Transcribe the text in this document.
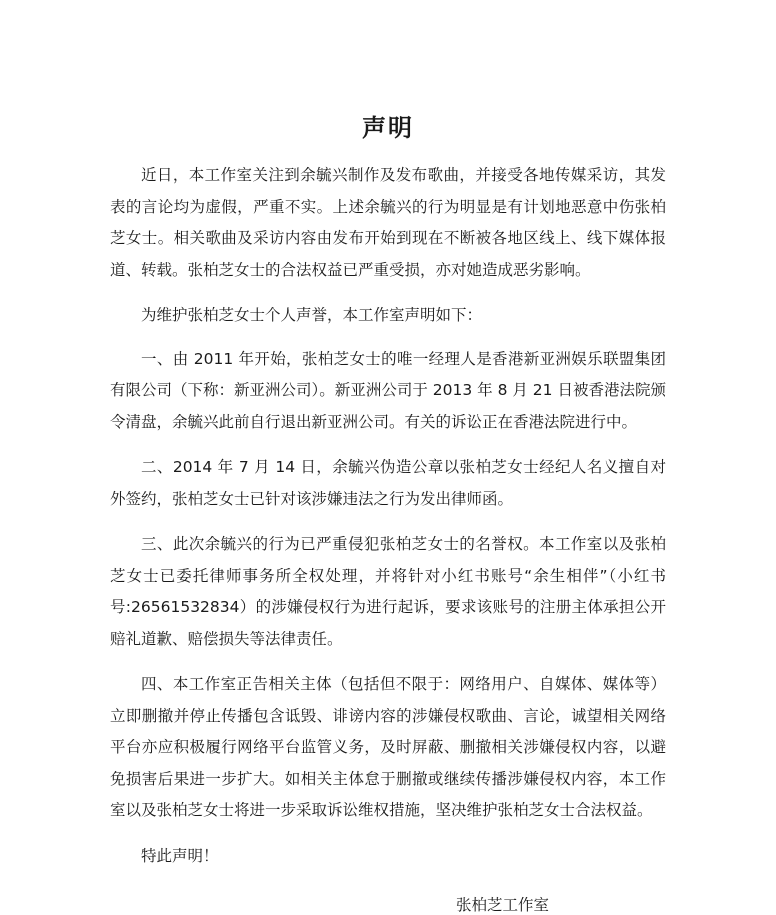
声明

近日，本工作室关注到余毓兴制作及发布歌曲，并接受各地传媒采访，其发表的言论均为虚假，严重不实。上述余毓兴的行为明显是有计划地恶意中伤张柏芝女士。相关歌曲及采访内容由发布开始到现在不断被各地区线上、线下媒体报道、转载。张柏芝女士的合法权益已严重受损，亦对她造成恶劣影响。

为维护张柏芝女士个人声誉，本工作室声明如下：

一、由 2011 年开始，张柏芝女士的唯一经理人是香港新亚洲娱乐联盟集团有限公司（下称：新亚洲公司）。新亚洲公司于 2013 年 8 月 21 日被香港法院颁令清盘，余毓兴此前自行退出新亚洲公司。有关的诉讼正在香港法院进行中。

二、2014 年 7 月 14 日，余毓兴伪造公章以张柏芝女士经纪人名义擅自对外签约，张柏芝女士已针对该涉嫌违法之行为发出律师函。

三、此次余毓兴的行为已严重侵犯张柏芝女士的名誉权。本工作室以及张柏芝女士已委托律师事务所全权处理，并将针对小红书账号“余生相伴”（小红书号:26561532834）的涉嫌侵权行为进行起诉，要求该账号的注册主体承担公开赔礼道歉、赔偿损失等法律责任。

四、本工作室正告相关主体（包括但不限于：网络用户、自媒体、媒体等）立即删撤并停止传播包含诋毁、诽谤内容的涉嫌侵权歌曲、言论，诚望相关网络平台亦应积极履行网络平台监管义务，及时屏蔽、删撤相关涉嫌侵权内容，以避免损害后果进一步扩大。如相关主体怠于删撤或继续传播涉嫌侵权内容，本工作室以及张柏芝女士将进一步采取诉讼维权措施，坚决维护张柏芝女士合法权益。

特此声明！

张柏芝工作室
